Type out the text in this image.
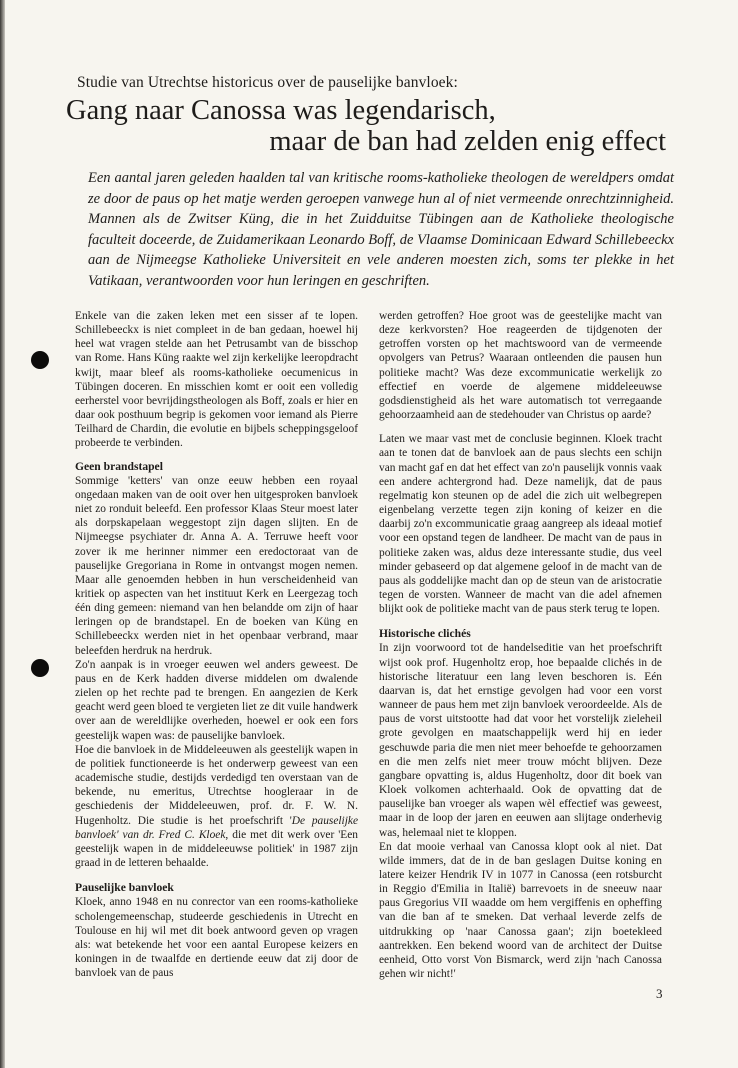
Studie van Utrechtse historicus over de pauselijke banvloek:
Gang naar Canossa was legendarisch,
maar de ban had zelden enig effect

Een aantal jaren geleden haalden tal van kritische rooms-katholieke theologen de wereldpers omdat ze door de paus op het matje werden geroepen vanwege hun al of niet vermeende onrechtzinnigheid. Mannen als de Zwitser Küng, die in het Zuidduitse Tübingen aan de Katholieke theologische faculteit doceerde, de Zuidamerikaan Leonardo Boff, de Vlaamse Dominicaan Edward Schillebeeckx aan de Nijmeegse Katholieke Universiteit en vele anderen moesten zich, soms ter plekke in het Vatikaan, verantwoorden voor hun leringen en geschriften.

Enkele van die zaken leken met een sisser af te lopen. Schillebeeckx is niet compleet in de ban gedaan, hoewel hij heel wat vragen stelde aan het Petrusambt van de bisschop van Rome. Hans Küng raakte wel zijn kerkelijke leeropdracht kwijt, maar bleef als rooms-katholieke oecumenicus in Tübingen doceren. En misschien komt er ooit een volledig eerherstel voor bevrijdingstheologen als Boff, zoals er hier en daar ook posthuum begrip is gekomen voor iemand als Pierre Teilhard de Chardin, die evolutie en bijbels scheppingsgeloof probeerde te verbinden.

Geen brandstapel

Sommige 'ketters' van onze eeuw hebben een royaal ongedaan maken van de ooit over hen uitgesproken banvloek niet zo ronduit beleefd. Een professor Klaas Steur moest later als dorpskapelaan weggestopt zijn dagen slijten. En de Nijmeegse psychiater dr. Anna A. A. Terruwe heeft voor zover ik me herinner nimmer een eredoctoraat van de pauselijke Gregoriana in Rome in ontvangst mogen nemen. Maar alle genoemden hebben in hun verscheidenheid van kritiek op aspecten van het instituut Kerk en Leergezag toch één ding gemeen: niemand van hen belandde om zijn of haar leringen op de brandstapel. En de boeken van Küng en Schillebeeckx werden niet in het openbaar verbrand, maar beleefden herdruk na herdruk.

Zo'n aanpak is in vroeger eeuwen wel anders geweest. De paus en de Kerk hadden diverse middelen om dwalende zielen op het rechte pad te brengen. En aangezien de Kerk geacht werd geen bloed te vergieten liet ze dit vuile handwerk over aan de wereldlijke overheden, hoewel er ook een fors geestelijk wapen was: de pauselijke banvloek.

Hoe die banvloek in de Middeleeuwen als geestelijk wapen in de politiek functioneerde is het onderwerp geweest van een academische studie, destijds verdedigd ten overstaan van de bekende, nu emeritus, Utrechtse hoogleraar in de geschiedenis der Middeleeuwen, prof. dr. F. W. N. Hugenholtz. Die studie is het proefschrift 'De pauselijke banvloek' van dr. Fred C. Kloek, die met dit werk over 'Een geestelijk wapen in de middeleeuwse politiek' in 1987 zijn graad in de letteren behaalde.

Pauselijke banvloek

Kloek, anno 1948 en nu conrector van een rooms-katholieke scholengemeenschap, studeerde geschiedenis in Utrecht en Toulouse en hij wil met dit boek antwoord geven op vragen als: wat betekende het voor een aantal Europese keizers en koningen in de twaalfde en dertiende eeuw dat zij door de banvloek van de paus

werden getroffen? Hoe groot was de geestelijke macht van deze kerkvorsten? Hoe reageerden de tijdgenoten der getroffen vorsten op het machtswoord van de vermeende opvolgers van Petrus? Waaraan ontleenden die pausen hun politieke macht? Was deze excommunicatie werkelijk zo effectief en voerde de algemene middeleeuwse godsdienstigheid als het ware automatisch tot verregaande gehoorzaamheid aan de stedehouder van Christus op aarde?

Laten we maar vast met de conclusie beginnen. Kloek tracht aan te tonen dat de banvloek aan de paus slechts een schijn van macht gaf en dat het effect van zo'n pauselijk vonnis vaak een andere achtergrond had. Deze namelijk, dat de paus regelmatig kon steunen op de adel die zich uit welbegrepen eigenbelang verzette tegen zijn koning of keizer en die daarbij zo'n excommunicatie graag aangreep als ideaal motief voor een opstand tegen de landheer. De macht van de paus in politieke zaken was, aldus deze interessante studie, dus veel minder gebaseerd op dat algemene geloof in de macht van de paus als goddelijke macht dan op de steun van de aristocratie tegen de vorsten. Wanneer de macht van die adel afnemen blijkt ook de politieke macht van de paus sterk terug te lopen.

Historische clichés

In zijn voorwoord tot de handelseditie van het proefschrift wijst ook prof. Hugenholtz erop, hoe bepaalde clichés in de historische literatuur een lang leven beschoren is. Eén daarvan is, dat het ernstige gevolgen had voor een vorst wanneer de paus hem met zijn banvloek veroordeelde. Als de paus de vorst uitstootte had dat voor het vorstelijk zieleheil grote gevolgen en maatschappelijk werd hij en ieder geschuwde paria die men niet meer behoefde te gehoorzamen en die men zelfs niet meer trouw mócht blijven. Deze gangbare opvatting is, aldus Hugenholtz, door dit boek van Kloek volkomen achterhaald. Ook de opvatting dat de pauselijke ban vroeger als wapen wèl effectief was geweest, maar in de loop der jaren en eeuwen aan slijtage onderhevig was, helemaal niet te kloppen.

En dat mooie verhaal van Canossa klopt ook al niet. Dat wilde immers, dat de in de ban geslagen Duitse koning en latere keizer Hendrik IV in 1077 in Canossa (een rotsburcht in Reggio d'Emilia in Italië) barrevoets in de sneeuw naar paus Gregorius VII waadde om hem vergiffenis en opheffing van die ban af te smeken. Dat verhaal leverde zelfs de uitdrukking op 'naar Canossa gaan'; zijn boetekleed aantrekken. Een bekend woord van de architect der Duitse eenheid, Otto vorst Von Bismarck, werd zijn 'nach Canossa gehen wir nicht!'

3
